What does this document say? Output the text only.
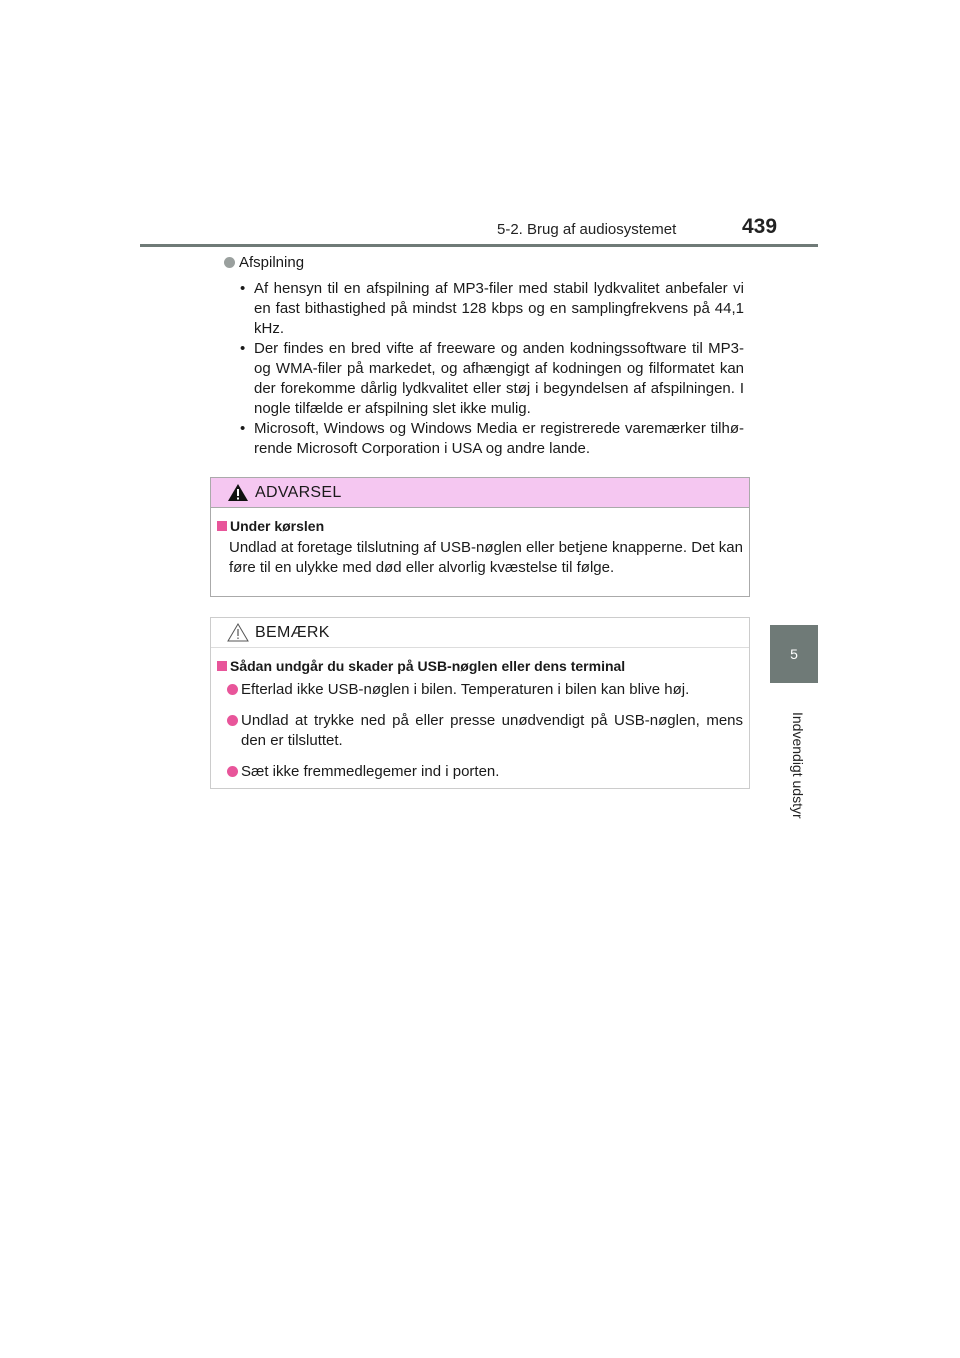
5-2. Brug af audiosystemet	439
5
Indvendigt udstyr
Afspilning
• Af hensyn til en afspilning af MP3-filer med stabil lydkvalitet anbefaler vi en fast bithastighed på mindst 128 kbps og en samplingfrekvens på 44,1 kHz.
• Der findes en bred vifte af freeware og anden kodningssoftware til MP3- og WMA-filer på markedet, og afhængigt af kodningen og filformatet kan der forekomme dårlig lydkvalitet eller støj i begyndelsen af afspilningen. I nogle tilfælde er afspilning slet ikke mulig.
• Microsoft, Windows og Windows Media er registrerede varemærker tilhø- rende Microsoft Corporation i USA og andre lande.
ADVARSEL
Under kørslen
Undlad at foretage tilslutning af USB-nøglen eller betjene knapperne. Det kan føre til en ulykke med død eller alvorlig kvæstelse til følge.
BEMÆRK
Sådan undgår du skader på USB-nøglen eller dens terminal
Efterlad ikke USB-nøglen i bilen. Temperaturen i bilen kan blive høj.
Undlad at trykke ned på eller presse unødvendigt på USB-nøglen, mens den er tilsluttet.
Sæt ikke fremmedlegemer ind i porten.
